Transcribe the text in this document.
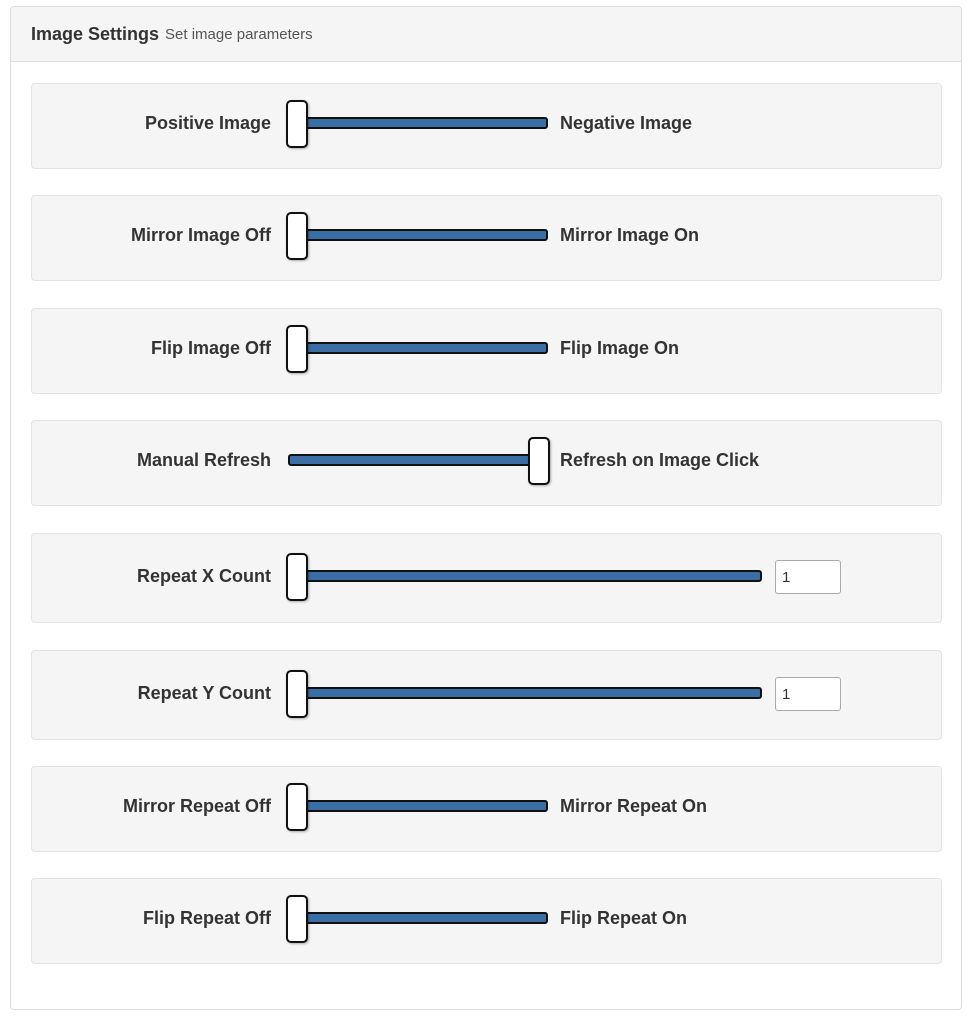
Image Settings Set image parameters
Positive Image	Negative Image
Mirror Image Off	Mirror Image On
Flip Image Off	Flip Image On
Manual Refresh	Refresh on Image Click
Repeat X Count
1
Repeat Y Count
1
Mirror Repeat Off	Mirror Repeat On
Flip Repeat Off	Flip Repeat On
